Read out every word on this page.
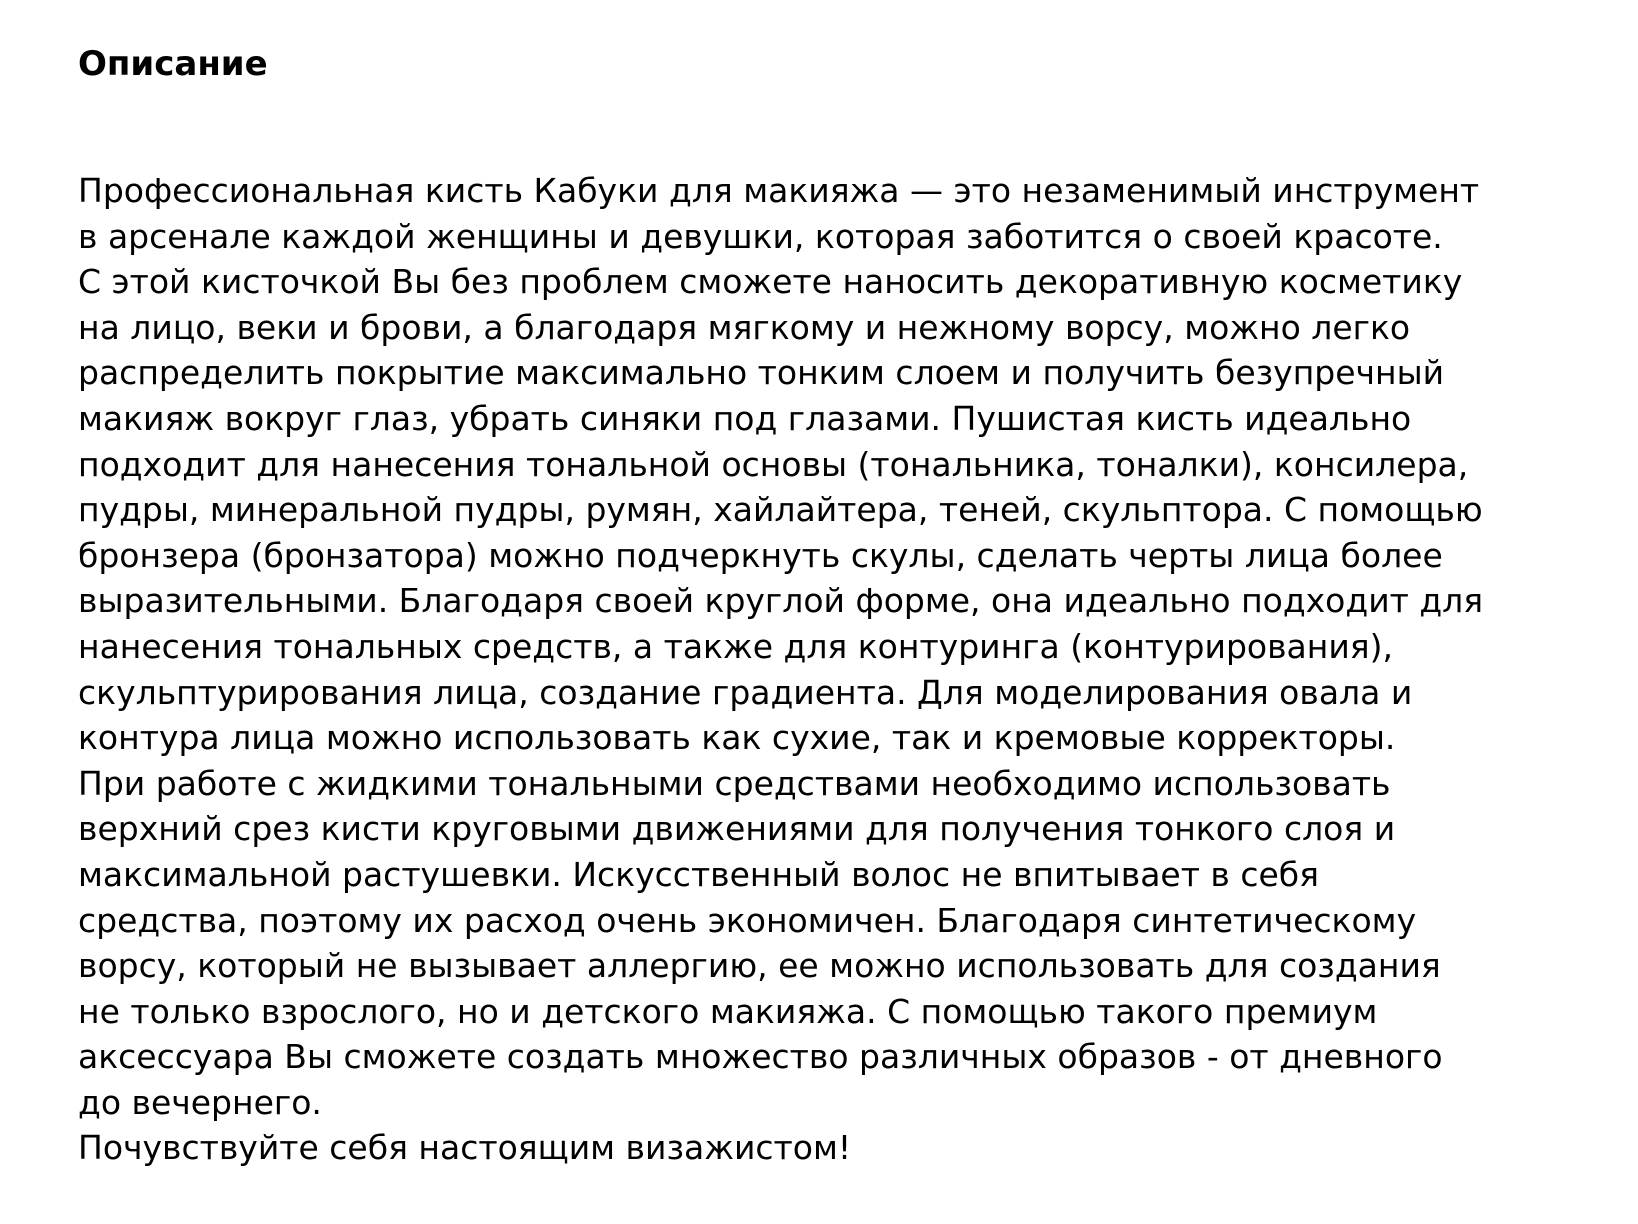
Описание
Профессиональная кисть Кабуки для макияжа — это незаменимый инструмент
в арсенале каждой женщины и девушки, которая заботится о своей красоте.
С этой кисточкой Вы без проблем сможете наносить декоративную косметику
на лицо, веки и брови, а благодаря мягкому и нежному ворсу, можно легко
распределить покрытие максимально тонким слоем и получить безупречный
макияж вокруг глаз, убрать синяки под глазами. Пушистая кисть идеально
подходит для нанесения тональной основы (тональника, тоналки), консилера,
пудры, минеральной пудры, румян, хайлайтера, теней, скульптора. С помощью
бронзера (бронзатора) можно подчеркнуть скулы, сделать черты лица более
выразительными. Благодаря своей круглой форме, она идеально подходит для
нанесения тональных средств, а также для контуринга (контурирования),
скульптурирования лица, создание градиента. Для моделирования овала и
контура лица можно использовать как сухие, так и кремовые корректоры.
При работе с жидкими тональными средствами необходимо использовать
верхний срез кисти круговыми движениями для получения тонкого слоя и
максимальной растушевки. Искусственный волос не впитывает в себя
средства, поэтому их расход очень экономичен. Благодаря синтетическому
ворсу, который не вызывает аллергию, ее можно использовать для создания
не только взрослого, но и детского макияжа. С помощью такого премиум
аксессуара Вы сможете создать множество различных образов - от дневного
до вечернего.
Почувствуйте себя настоящим визажистом!
